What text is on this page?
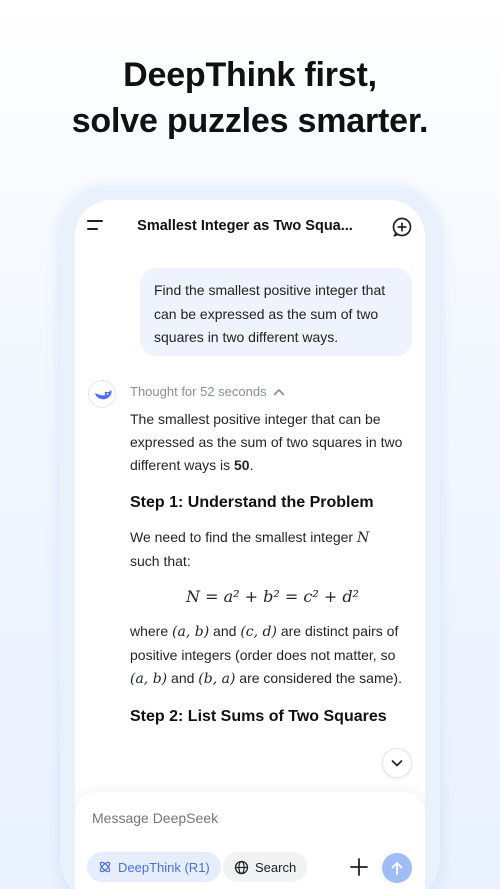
DeepThink first,
solve puzzles smarter.
Smallest Integer as Two Squa...
Find the smallest positive integer that can be expressed as the sum of two squares in two different ways.
Thought for 52 seconds

The smallest positive integer that can be expressed as the sum of two squares in two different ways is 50.

Step 1: Understand the Problem

We need to find the smallest integer N
such that:

N = a² + b² = c² + d²

where (a, b) and (c, d) are distinct pairs of positive integers (order does not matter, so (a, b) and (b, a) are considered the same).

Step 2: List Sums of Two Squares
Message DeepSeek
DeepThink (R1)	Search
